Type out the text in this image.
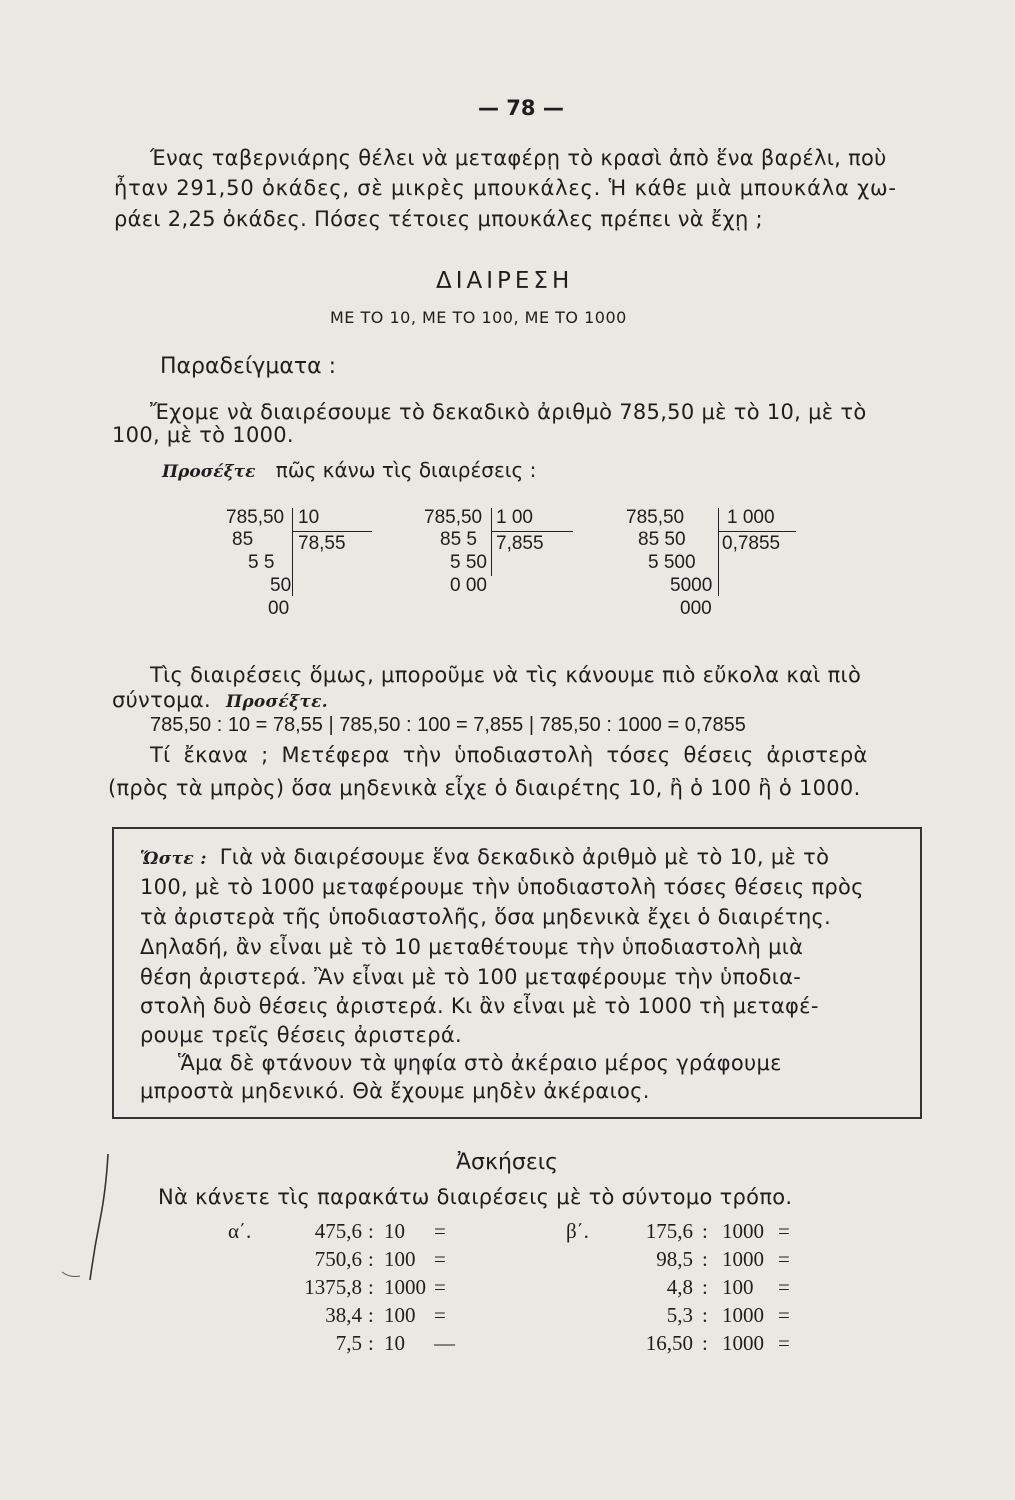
— 78 —
Ένας ταβερνιάρης θέλει νὰ μεταφέρῃ τὸ κρασὶ ἀπὸ ἕνα βαρέλι, ποὺ
ἦταν 291,50 ὀκάδες, σὲ μικρὲς μπουκάλες. Ἡ κάθε μιὰ μπουκάλα χω-
ράει 2,25 ὀκάδες. Πόσες τέτοιες μπουκάλες πρέπει νὰ ἔχῃ ;
ΔΙΑΙΡΕΣΗ
ΜΕ ΤΟ 10, ΜΕ ΤΟ 100, ΜΕ ΤΟ 1000
Παραδείγματα :
Ἔχομε νὰ διαιρέσουμε τὸ δεκαδικὸ ἀριθμὸ 785,50 μὲ τὸ 10, μὲ τὸ
100, μὲ τὸ 1000.
Προσέξτε πῶς κάνω τὶς διαιρέσεις :
785,50 10
78,55
85
5 5
50
00
785,50 1 00
7,855
85 5
5 50
0 00
785,50 1 000
0,7855
85 50
5 500
5000
000
Τὶς διαιρέσεις ὅμως, μποροῦμε νὰ τὶς κάνουμε πιὸ εὔκολα καὶ πιὸ
σύντομα. Προσέξτε.
785,50 : 10 = 78,55 | 785,50 : 100 = 7,855 | 785,50 : 1000 = 0,7855
Τί ἔκανα ; Μετέφερα τὴν ὑποδιαστολὴ τόσες θέσεις ἀριστερὰ
(πρὸς τὰ μπρὸς) ὅσα μηδενικὰ εἶχε ὁ διαιρέτης 10, ἢ ὁ 100 ἢ ὁ 1000.
Ὥστε : Γιὰ νὰ διαιρέσουμε ἕνα δεκαδικὸ ἀριθμὸ μὲ τὸ 10, μὲ τὸ
100, μὲ τὸ 1000 μεταφέρουμε τὴν ὑποδιαστολὴ τόσες θέσεις πρὸς
τὰ ἀριστερὰ τῆς ὑποδιαστολῆς, ὅσα μηδενικὰ ἔχει ὁ διαιρέτης.
Δηλαδή, ἂν εἶναι μὲ τὸ 10 μεταθέτουμε τὴν ὑποδιαστολὴ μιὰ
θέση ἀριστερά. Ἂν εἶναι μὲ τὸ 100 μεταφέρουμε τὴν ὑποδια-
στολὴ δυὸ θέσεις ἀριστερά. Κι ἂν εἶναι μὲ τὸ 1000 τὴ μεταφέ-
ρουμε τρεῖς θέσεις ἀριστερά.
Ἅμα δὲ φτάνουν τὰ ψηφία στὸ ἀκέραιο μέρος γράφουμε
μπροστὰ μηδενικό. Θὰ ἔχουμε μηδὲν ἀκέραιος.
Ἀσκήσεις
Νὰ κάνετε τὶς παρακάτω διαιρέσεις μὲ τὸ σύντομο τρόπο.
α΄.	β΄.
475,6 : 10 =
750,6 : 100 =
1375,8 : 1000 =
38,4 : 100 =
7,5 : 10 —
175,6 : 1000 =
98,5 : 1000 =
4,8 : 100 =
5,3 : 1000 =
16,50 : 1000 =
